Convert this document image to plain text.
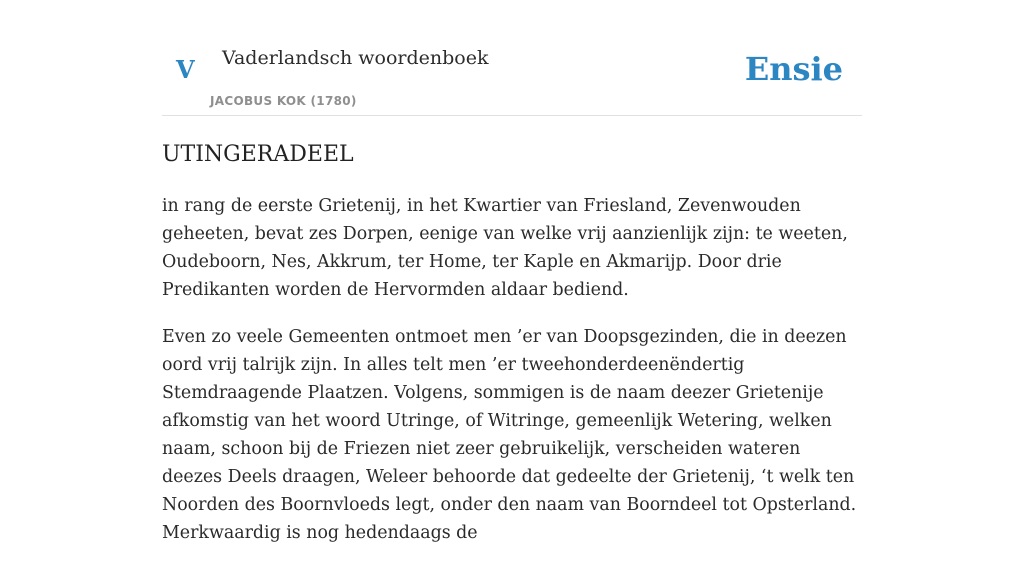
V Vaderlandsch woordenboek
JACOBUS KOK (1780)
Ensie
UTINGERADEEL

in rang de eerste Grietenij, in het Kwartier van Friesland, Zevenwouden geheeten, bevat zes Dorpen, eenige van welke vrij aanzienlijk zijn: te weeten, Oudeboorn, Nes, Akkrum, ter Home, ter Kaple en Akmarijp. Door drie Predikanten worden de Hervormden aldaar bediend.

Even zo veele Gemeenten ontmoet men ’er van Doopsgezinden, die in deezen oord vrij talrijk zijn. In alles telt men ’er tweehonderdeenëndertig Stemdraagende Plaatzen. Volgens, sommigen is de naam deezer Grietenije afkomstig van het woord Utringe, of Witringe, gemeenlijk Wetering, welken naam, schoon bij de Friezen niet zeer gebruikelijk, verscheiden wateren deezes Deels draagen, Weleer behoorde dat gedeelte der Grietenij, ‘t welk ten Noorden des Boornvloeds legt, onder den naam van Boorndeel tot Opsterland. Merkwaardig is nog hedendaags de
